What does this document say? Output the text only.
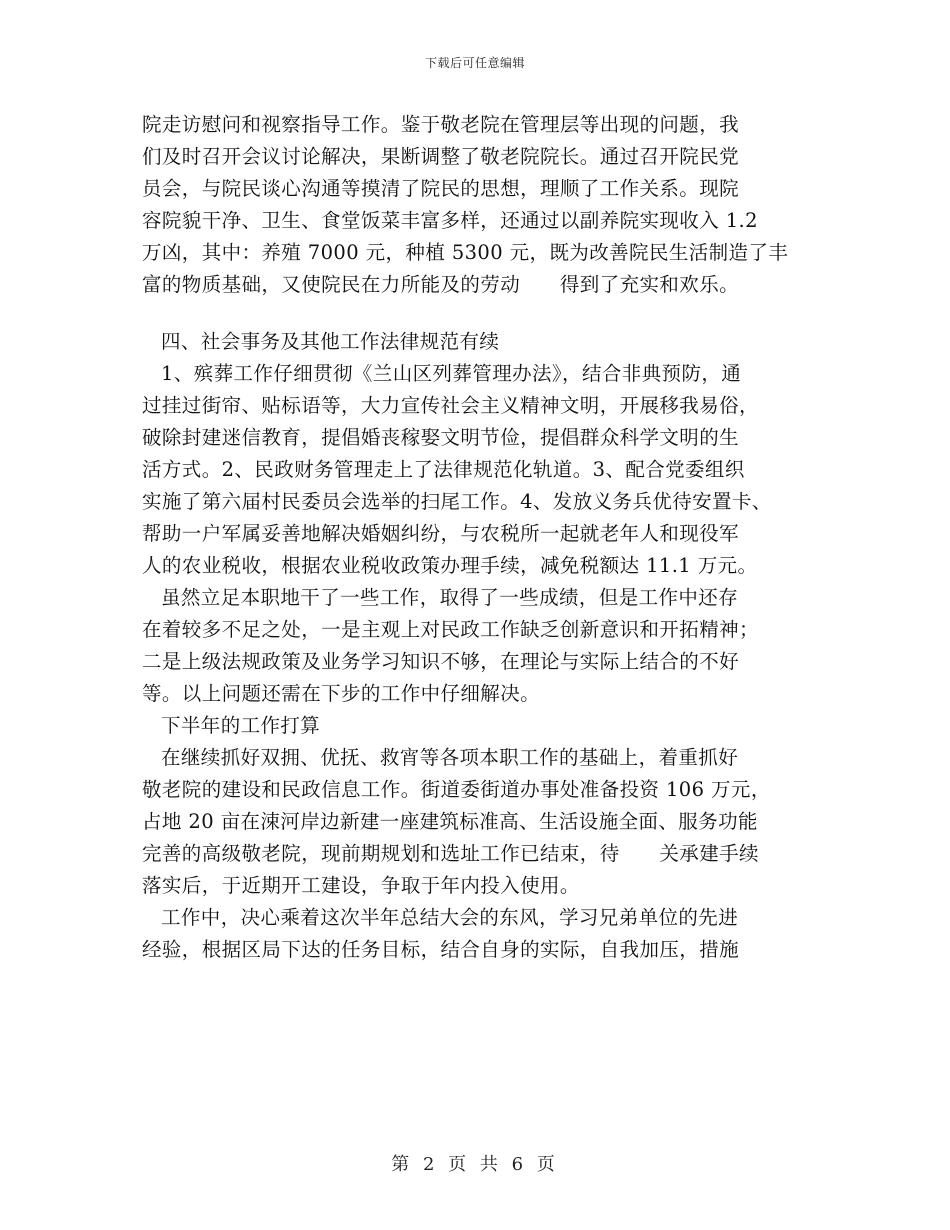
下载后可任意编辑
院走访慰问和视察指导工作。鉴于敬老院在管理层等出现的问题，我
们及时召开会议讨论解决，果断调整了敬老院院长。通过召开院民党
员会，与院民谈心沟通等摸清了院民的思想，理顺了工作关系。现院
容院貌干净、卫生、食堂饭菜丰富多样，还通过以副养院实现收入 1.2
万凶，其中：养殖 7000 元，种植 5300 元，既为改善院民生活制造了丰
富的物质基础，又使院民在力所能及的劳动　　得到了充实和欢乐。
四、社会事务及其他工作法律规范有续
1、殡葬工作仔细贯彻《兰山区列葬管理办法》，结合非典预防，通
过挂过街帘、贴标语等，大力宣传社会主义精神文明，开展移我易俗，
破除封建迷信教育，提倡婚丧稼娶文明节俭，提倡群众科学文明的生
活方式。2、民政财务管理走上了法律规范化轨道。3、配合党委组织
实施了第六届村民委员会选举的扫尾工作。4、发放义务兵优待安置卡、
帮助一户军属妥善地解决婚姻纠纷，与农税所一起就老年人和现役军
人的农业税收，根据农业税收政策办理手续，减免税额达 11.1 万元。
虽然立足本职地干了一些工作，取得了一些成绩，但是工作中还存
在着较多不足之处，一是主观上对民政工作缺乏创新意识和开拓精神；
二是上级法规政策及业务学习知识不够，在理论与实际上结合的不好
等。以上问题还需在下步的工作中仔细解决。
下半年的工作打算
在继续抓好双拥、优抚、救宵等各项本职工作的基础上，着重抓好
敬老院的建设和民政信息工作。街道委街道办事处准备投资 106 万元，
占地 20 亩在涑河岸边新建一座建筑标准高、生活设施全面、服务功能
完善的高级敬老院，现前期规划和选址工作已结束，待　　关承建手续
落实后，于近期开工建设，争取于年内投入使用。
工作中，决心乘着这次半年总结大会的东风，学习兄弟单位的先进
经验，根据区局下达的任务目标，结合自身的实际，自我加压，措施
第 2 页 共 6 页
